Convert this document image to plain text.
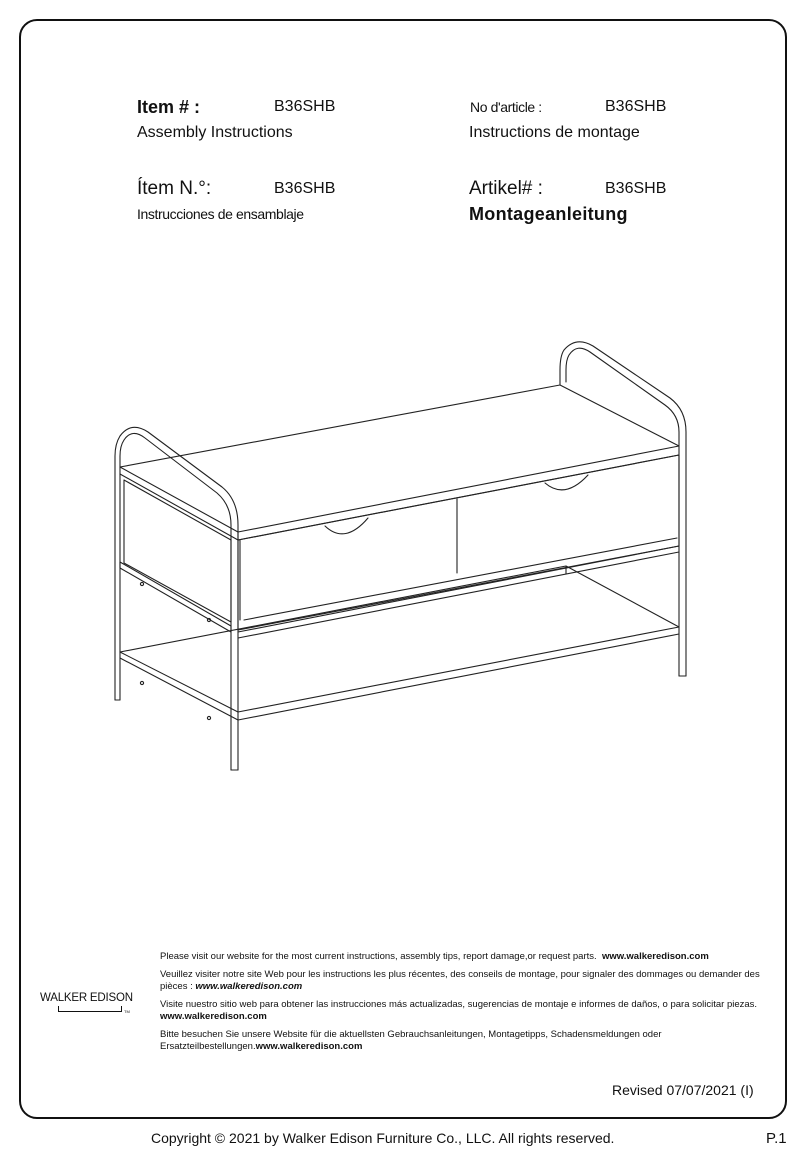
Item # :	B36SHB
Assembly Instructions
No d'article :	B36SHB
Instructions de montage
Ítem N.°:	B36SHB
Instrucciones de ensamblaje
Artikel# :	B36SHB
Montageanleitung
WALKER EDISON
TM

Please visit our website for the most current instructions, assembly tips, report damage,or request parts. www.walkeredison.com

Veuillez visiter notre site Web pour les instructions les plus récentes, des conseils de montage, pour signaler des dommages ou demander des pièces : www.walkeredison.com

Visite nuestro sitio web para obtener las instrucciones más actualizadas, sugerencias de montaje e informes de daños, o para solicitar piezas. www.walkeredison.com

Bitte besuchen Sie unsere Website für die aktuellsten Gebrauchsanleitungen, Montagetipps, Schadensmeldungen oder Ersatzteilbestellungen.www.walkeredison.com

Revised 07/07/2021 (I)
Copyright © 2021 by Walker Edison Furniture Co., LLC. All rights reserved.	P.1
